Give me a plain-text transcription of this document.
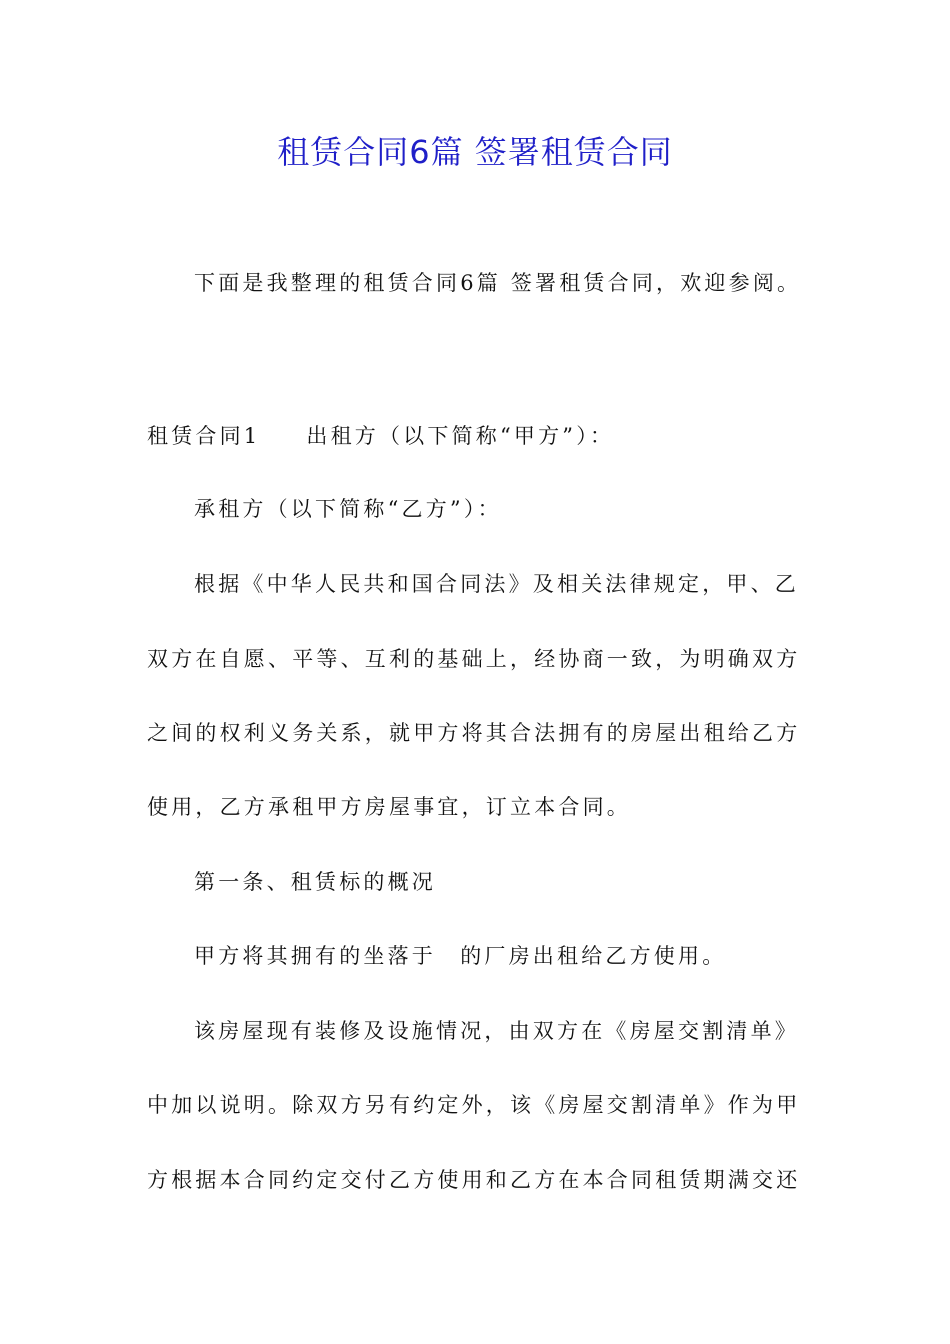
租赁合同6篇 签署租赁合同

下面是我整理的租赁合同6篇 签署租赁合同，欢迎参阅。

租赁合同1 出租方（以下简称“甲方”）：

承租方（以下简称“乙方”）：

根据《中华人民共和国合同法》及相关法律规定，甲、乙

双方在自愿、平等、互利的基础上，经协商一致，为明确双方

之间的权利义务关系，就甲方将其合法拥有的房屋出租给乙方

使用，乙方承租甲方房屋事宜，订立本合同。

第一条、租赁标的概况

甲方将其拥有的坐落于　的厂房出租给乙方使用。

该房屋现有装修及设施情况，由双方在《房屋交割清单》

中加以说明。除双方另有约定外，该《房屋交割清单》作为甲

方根据本合同约定交付乙方使用和乙方在本合同租赁期满交还
